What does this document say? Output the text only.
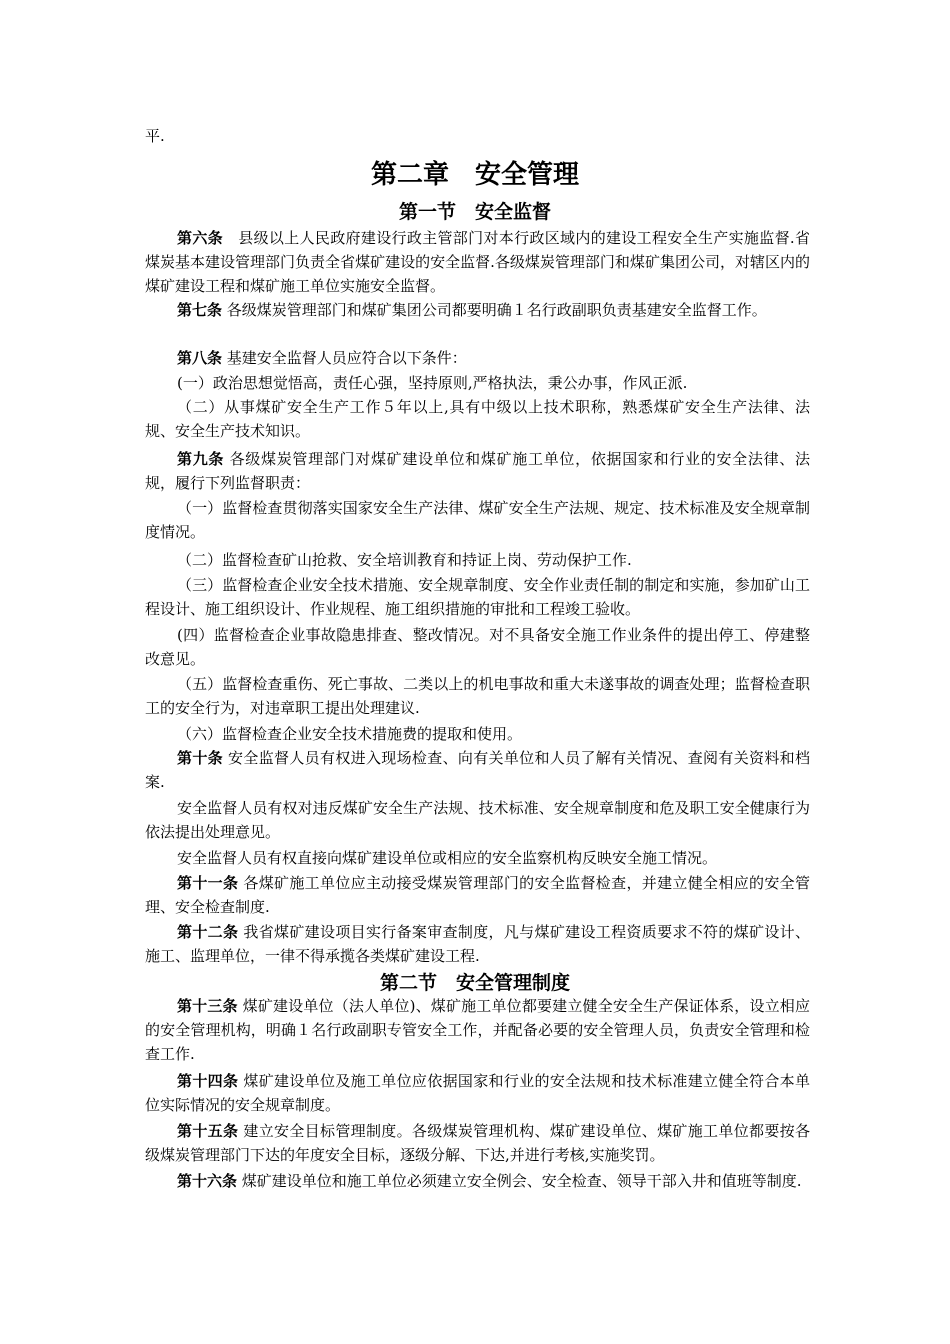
平.

第二章　安全管理
第一节　安全监督

第六条　县级以上人民政府建设行政主管部门对本行政区域内的建设工程安全生产实施监督.省煤炭基本建设管理部门负责全省煤矿建设的安全监督.各级煤炭管理部门和煤矿集团公司，对辖区内的煤矿建设工程和煤矿施工单位实施安全监督。

第七条 各级煤炭管理部门和煤矿集团公司都要明确１名行政副职负责基建安全监督工作。

第八条 基建安全监督人员应符合以下条件：

(一）政治思想觉悟高，责任心强，坚持原则,严格执法，秉公办事，作风正派.

（二）从事煤矿安全生产工作５年以上,具有中级以上技术职称，熟悉煤矿安全生产法律、法规、安全生产技术知识。

第九条 各级煤炭管理部门对煤矿建设单位和煤矿施工单位，依据国家和行业的安全法律、法规，履行下列监督职责：

（一）监督检查贯彻落实国家安全生产法律、煤矿安全生产法规、规定、技术标准及安全规章制度情况。

（二）监督检查矿山抢救、安全培训教育和持证上岗、劳动保护工作.

（三）监督检查企业安全技术措施、安全规章制度、安全作业责任制的制定和实施，参加矿山工程设计、施工组织设计、作业规程、施工组织措施的审批和工程竣工验收。

(四）监督检查企业事故隐患排查、整改情况。对不具备安全施工作业条件的提出停工、停建整改意见。

（五）监督检查重伤、死亡事故、二类以上的机电事故和重大未遂事故的调查处理；监督检查职工的安全行为，对违章职工提出处理建议.

（六）监督检查企业安全技术措施费的提取和使用。

第十条 安全监督人员有权进入现场检查、向有关单位和人员了解有关情况、查阅有关资料和档案.

安全监督人员有权对违反煤矿安全生产法规、技术标准、安全规章制度和危及职工安全健康行为依法提出处理意见。

安全监督人员有权直接向煤矿建设单位或相应的安全监察机构反映安全施工情况。

第十一条 各煤矿施工单位应主动接受煤炭管理部门的安全监督检查，并建立健全相应的安全管理、安全检查制度.

第十二条 我省煤矿建设项目实行备案审查制度，凡与煤矿建设工程资质要求不符的煤矿设计、施工、监理单位，一律不得承揽各类煤矿建设工程.

第二节　安全管理制度

第十三条 煤矿建设单位（法人单位)、煤矿施工单位都要建立健全安全生产保证体系，设立相应的安全管理机构，明确１名行政副职专管安全工作，并配备必要的安全管理人员，负责安全管理和检查工作.

第十四条 煤矿建设单位及施工单位应依据国家和行业的安全法规和技术标准建立健全符合本单位实际情况的安全规章制度。

第十五条 建立安全目标管理制度。各级煤炭管理机构、煤矿建设单位、煤矿施工单位都要按各级煤炭管理部门下达的年度安全目标，逐级分解、下达,并进行考核,实施奖罚。

第十六条 煤矿建设单位和施工单位必须建立安全例会、安全检查、领导干部入井和值班等制度.
